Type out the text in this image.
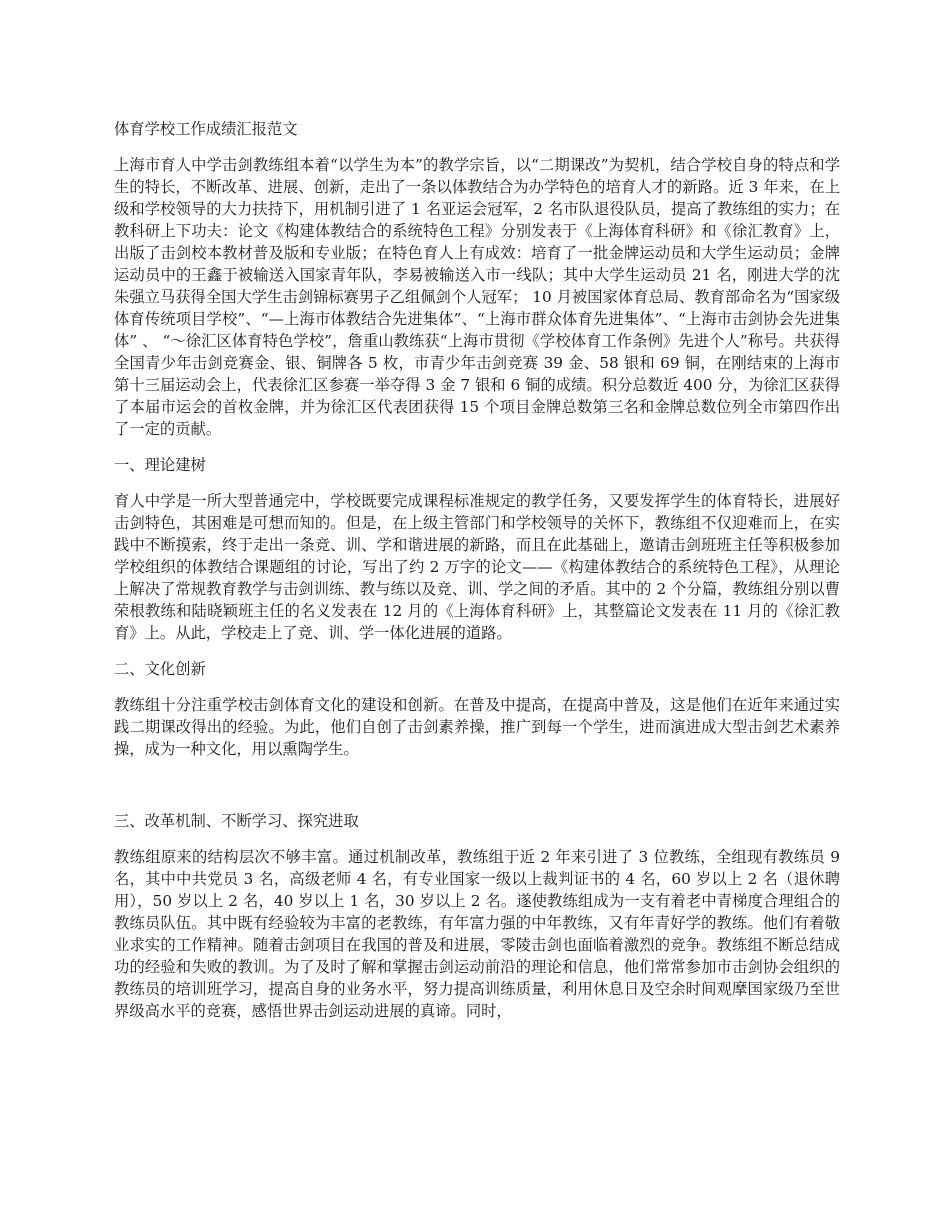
体育学校工作成绩汇报范文
上海市育人中学击剑教练组本着“以学生为本”的教学宗旨，以“二期课改”为契机，结合学校自身的特点和学生的特长，不断改革、进展、创新，走出了一条以体教结合为办学特色的培育人才的新路。近 3 年来，在上级和学校领导的大力扶持下，用机制引进了 1 名亚运会冠军，2 名市队退役队员，提高了教练组的实力；在教科研上下功夫：论文《构建体教结合的系统特色工程》分别发表于《上海体育科研》和《徐汇教育》上，出版了击剑校本教材普及版和专业版；在特色育人上有成效：培育了一批金牌运动员和大学生运动员；金牌运动员中的王鑫于被输送入国家青年队，李易被输送入市一线队；其中大学生运动员 21 名，刚进大学的沈朱强立马获得全国大学生击剑锦标赛男子乙组佩剑个人冠军； 10 月被国家体育总局、教育部命名为“国家级体育传统项目学校”、“—上海市体教结合先进集体”、“上海市群众体育先进集体”、“上海市击剑协会先进集体” 、 “～徐汇区体育特色学校”，詹重山教练获“上海市贯彻《学校体育工作条例》先进个人”称号。共获得全国青少年击剑竞赛金、银、铜牌各 5 枚，市青少年击剑竞赛 39 金、58 银和 69 铜，在刚结束的上海市第十三届运动会上，代表徐汇区参赛一举夺得 3 金 7 银和 6 铜的成绩。积分总数近 400 分，为徐汇区获得了本届市运会的首枚金牌，并为徐汇区代表团获得 15 个项目金牌总数第三名和金牌总数位列全市第四作出了一定的贡献。
一、理论建树
育人中学是一所大型普通完中，学校既要完成课程标准规定的教学任务，又要发挥学生的体育特长，进展好击剑特色，其困难是可想而知的。但是，在上级主管部门和学校领导的关怀下，教练组不仅迎难而上，在实践中不断摸索，终于走出一条竞、训、学和谐进展的新路，而且在此基础上，邀请击剑班班主任等积极参加学校组织的体教结合课题组的讨论，写出了约 2 万字的论文——《构建体教结合的系统特色工程》，从理论上解决了常规教育教学与击剑训练、教与练以及竞、训、学之间的矛盾。其中的 2 个分篇，教练组分别以曹荣根教练和陆晓颖班主任的名义发表在 12 月的《上海体育科研》上，其整篇论文发表在 11 月的《徐汇教育》上。从此，学校走上了竞、训、学一体化进展的道路。
二、文化创新
教练组十分注重学校击剑体育文化的建设和创新。在普及中提高，在提高中普及，这是他们在近年来通过实践二期课改得出的经验。为此，他们自创了击剑素养操，推广到每一个学生，进而演进成大型击剑艺术素养操，成为一种文化，用以熏陶学生。
三、改革机制、不断学习、探究进取
教练组原来的结构层次不够丰富。通过机制改革，教练组于近 2 年来引进了 3 位教练，全组现有教练员 9 名，其中中共党员 3 名，高级老师 4 名，有专业国家一级以上裁判证书的 4 名，60 岁以上 2 名（退休聘用），50 岁以上 2 名，40 岁以上 1 名，30 岁以上 2 名。遂使教练组成为一支有着老中青梯度合理组合的教练员队伍。其中既有经验较为丰富的老教练，有年富力强的中年教练，又有年青好学的教练。他们有着敬业求实的工作精神。随着击剑项目在我国的普及和进展，零陵击剑也面临着激烈的竞争。教练组不断总结成功的经验和失败的教训。为了及时了解和掌握击剑运动前沿的理论和信息，他们常常参加市击剑协会组织的教练员的培训班学习，提高自身的业务水平，努力提高训练质量，利用休息日及空余时间观摩国家级乃至世界级高水平的竞赛，感悟世界击剑运动进展的真谛。同时，
